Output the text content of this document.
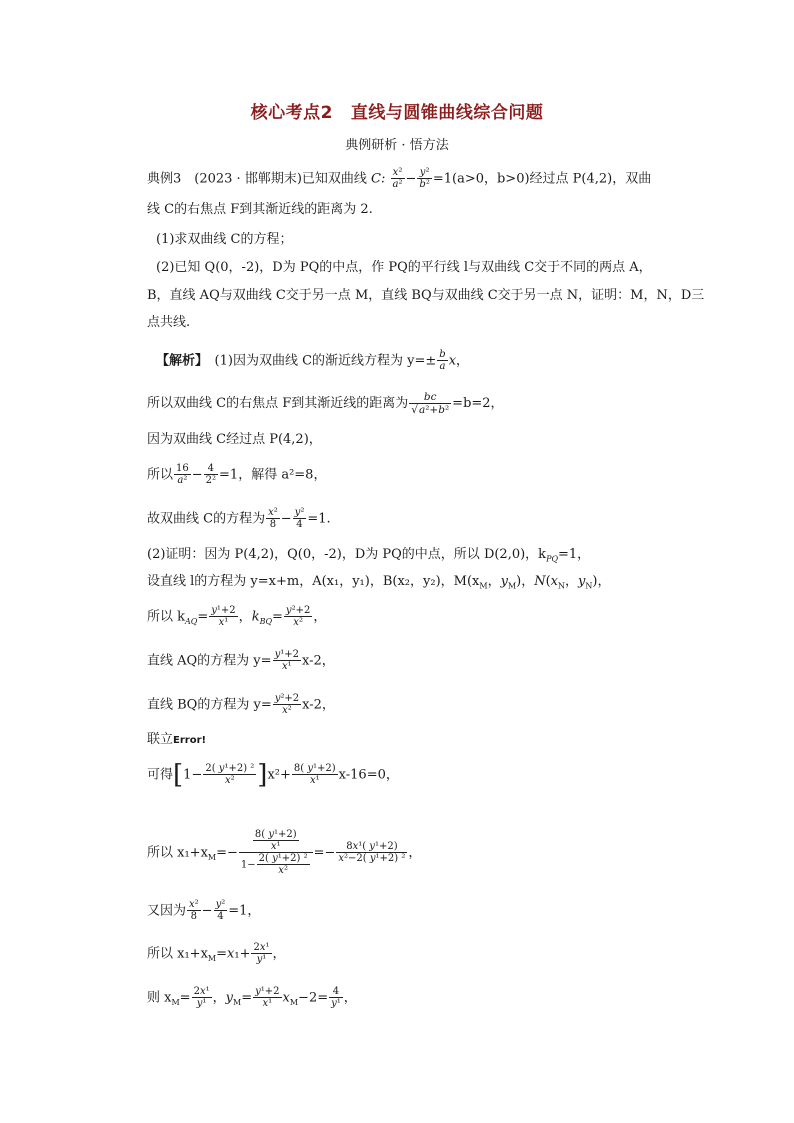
核心考点2 直线与圆锥曲线综合问题
典例研析 · 悟方法
典例3　(2023 · 邯郸期末)已知双曲线 C: $\frac{\text{x²}}{\text{a²}} - \frac{\text{y²}}{\text{b²}} =1(a>0$，b>0)经过点 P(4,2)，双曲
线 C的右焦点 F到其渐近线的距离为 2.
(1)求双曲线 C的方程；
(2)已知 Q(0，-2)，D为 PQ的中点，作 PQ的平行线 l与双曲线 C交于不同的两点 A，
B，直线 AQ与双曲线 C交于另一点 M，直线 BQ与双曲线 C交于另一点 N，证明：M，N，D三
点共线.
【解析】　 (1)因为双曲线 C的渐近线方程为 $y=\pm \frac{b}{a}$ x，
所以双曲线 C的右焦点 F到其渐近线的距离为 $\frac{bc}{\text{√a²+b²}} =b=2$，
因为双曲线 C经过点 P(4,2)，
所以 $\frac{16}{\text{a²}} - \frac{4}{\text{2²}} =1$，解得 a²=8，
故双曲线 C的方程为 $\frac{\text{x²}}{8} - \frac{\text{y²}}{4} =1$.
(2)证明：因为 P(4,2)，Q(0，-2)，D为 PQ的中点，所以 D(2,0)，$k_{PQ}=1$，
设直线 l的方程为 y=x+m，A(x₁，y₁)，B(x₂，y₂)，$M(x_M$，$y_M$)，$N(x_N$，$y_N$)，
所以 $k_{AQ}= \frac{\text{y¹+2}}{\text{x¹}}$ ，$k_{BQ}= \frac{\text{y²+2}}{\text{x²}}$ ，
直线 AQ的方程为 $y= \frac{\text{y¹+2}}{\text{x¹}} x-2$，
直线 BQ的方程为 $y= \frac{\text{y²+2}}{\text{x²}} x-2$，
联立Error!
可得$[1- \frac{\text{2( y¹+2) ²}}{\text{x²}} ]x^2+ \frac{\text{8( y¹+2)}}{\text{x¹}} x-16=0$，
所以 $x_1+x_M=- \frac{\frac{\text{8( y¹+2)}}{\text{x¹}}}{1- \frac{\text{2( y¹+2) ²}}{\text{x²}}} =- \frac{\text{8x¹( y¹+2)}}{\text{x²−2( y¹+2) ²}}$ ，
又因为 $\frac{\text{x²}}{8} - \frac{\text{y²}}{4} =1$，
所以 $x_1+x_M=x_1+ \frac{\text{2x¹}}{\text{y¹}}$ ，
则 $x_M= \frac{\text{2x¹}}{\text{y¹}}$ ，$y_M= \frac{\text{y¹+2}}{\text{x¹}} x_M-2= \frac{4}{\text{y¹}}$ ，
